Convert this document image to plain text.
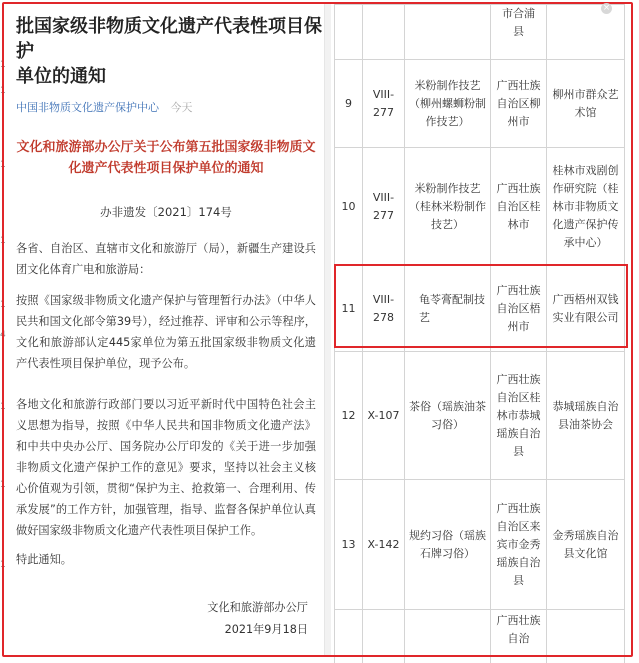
1
1
1
1
1
4
1
1
1
批国家级非物质文化遗产代表性项目保护
单位的通知
中国非物质文化遗产保护中心 今天
文化和旅游部办公厅关于公布第五批国家级非物质文化遗产代表性项目保护单位的通知
办非遗发〔2021〕174号
各省、自治区、直辖市文化和旅游厅（局），新疆生产建设兵团文化体育广电和旅游局：
按照《国家级非物质文化遗产保护与管理暂行办法》（中华人民共和国文化部令第39号），经过推荐、评审和公示等程序，文化和旅游部认定445家单位为第五批国家级非物质文化遗产代表性项目保护单位，现予公布。
各地文化和旅游行政部门要以习近平新时代中国特色社会主义思想为指导，按照《中华人民共和国非物质文化遗产法》和中共中央办公厅、国务院办公厅印发的《关于进一步加强非物质文化遗产保护工作的意见》要求，坚持以社会主义核心价值观为引领，贯彻“保护为主、抢救第一、合理利用、传承发展”的工作方针，加强管理，指导、监督各保护单位认真做好国家级非物质文化遗产代表性项目保护工作。
特此通知。
文化和旅游部办公厅
2021年9月18日
			市合浦
县	
9	VIII-277	米粉制作技艺（柳州螺蛳粉制作技艺）	广西壮族自治区柳州市	柳州市群众艺术馆
10	VIII-277	米粉制作技艺（桂林米粉制作技艺）	广西壮族自治区桂林市	桂林市戏剧创作研究院（桂林市非物质文化遗产保护传承中心）
11	VIII-278	龟苓膏配制技艺	广西壮族自治区梧州市	广西梧州双钱实业有限公司
12	X-107	茶俗（瑶族油茶习俗）	广西壮族自治区桂林市恭城瑶族自治县	恭城瑶族自治县油茶协会
13	X-142	规约习俗（瑶族石牌习俗）	广西壮族自治区来宾市金秀瑶族自治县	金秀瑶族自治县文化馆
			广西壮族自治	
×
